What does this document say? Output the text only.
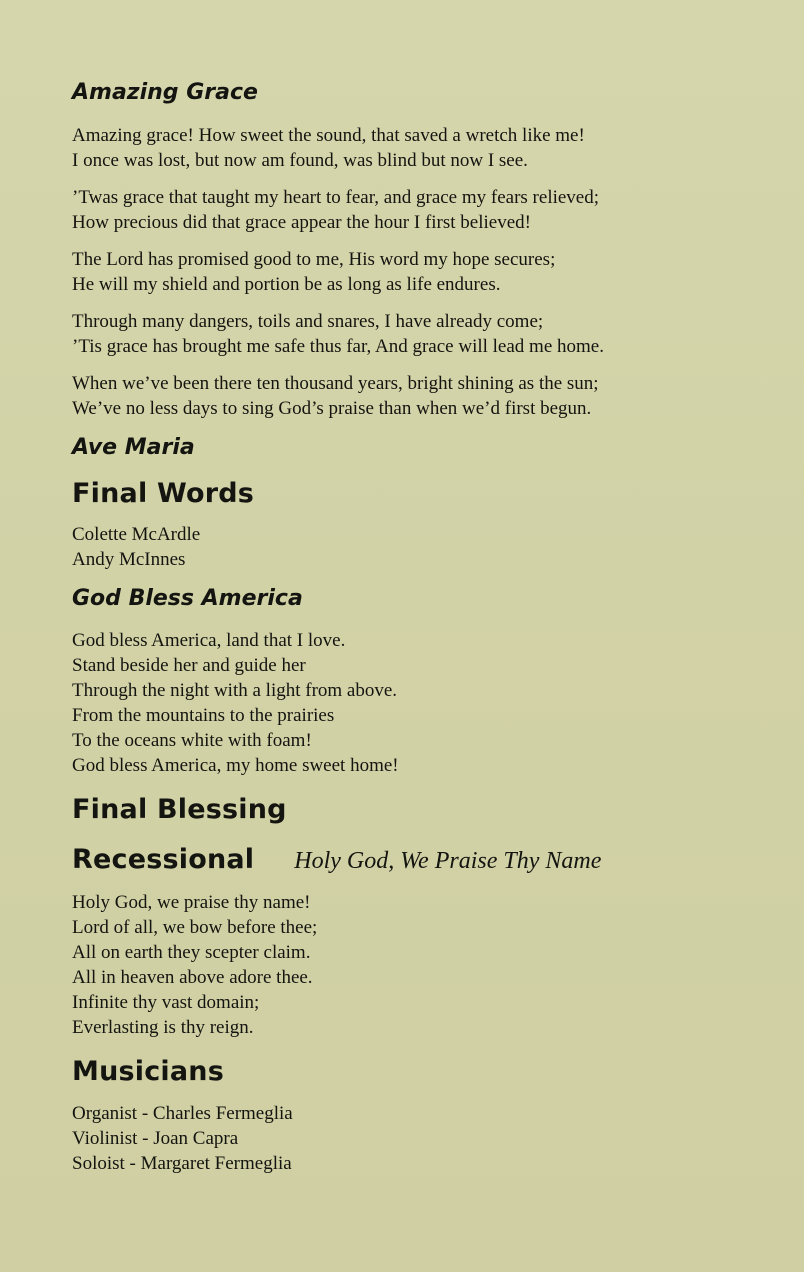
Amazing Grace

Amazing grace! How sweet the sound, that saved a wretch like me!
I once was lost, but now am found, was blind but now I see.

’Twas grace that taught my heart to fear, and grace my fears relieved;
How precious did that grace appear the hour I first believed!

The Lord has promised good to me, His word my hope secures;
He will my shield and portion be as long as life endures.

Through many dangers, toils and snares, I have already come;
’Tis grace has brought me safe thus far, And grace will lead me home.

When we’ve been there ten thousand years, bright shining as the sun;
We’ve no less days to sing God’s praise than when we’d first begun.

Ave Maria
Final Words
Colette McArdle
Andy McInnes
God Bless America
God bless America, land that I love.
Stand beside her and guide her
Through the night with a light from above.
From the mountains to the prairies
To the oceans white with foam!
God bless America, my home sweet home!
Final Blessing
Recessional Holy God, We Praise Thy Name
Holy God, we praise thy name!
Lord of all, we bow before thee;
All on earth they scepter claim.
All in heaven above adore thee.
Infinite thy vast domain;
Everlasting is thy reign.
Musicians
Organist - Charles Fermeglia
Violinist - Joan Capra
Soloist - Margaret Fermeglia
